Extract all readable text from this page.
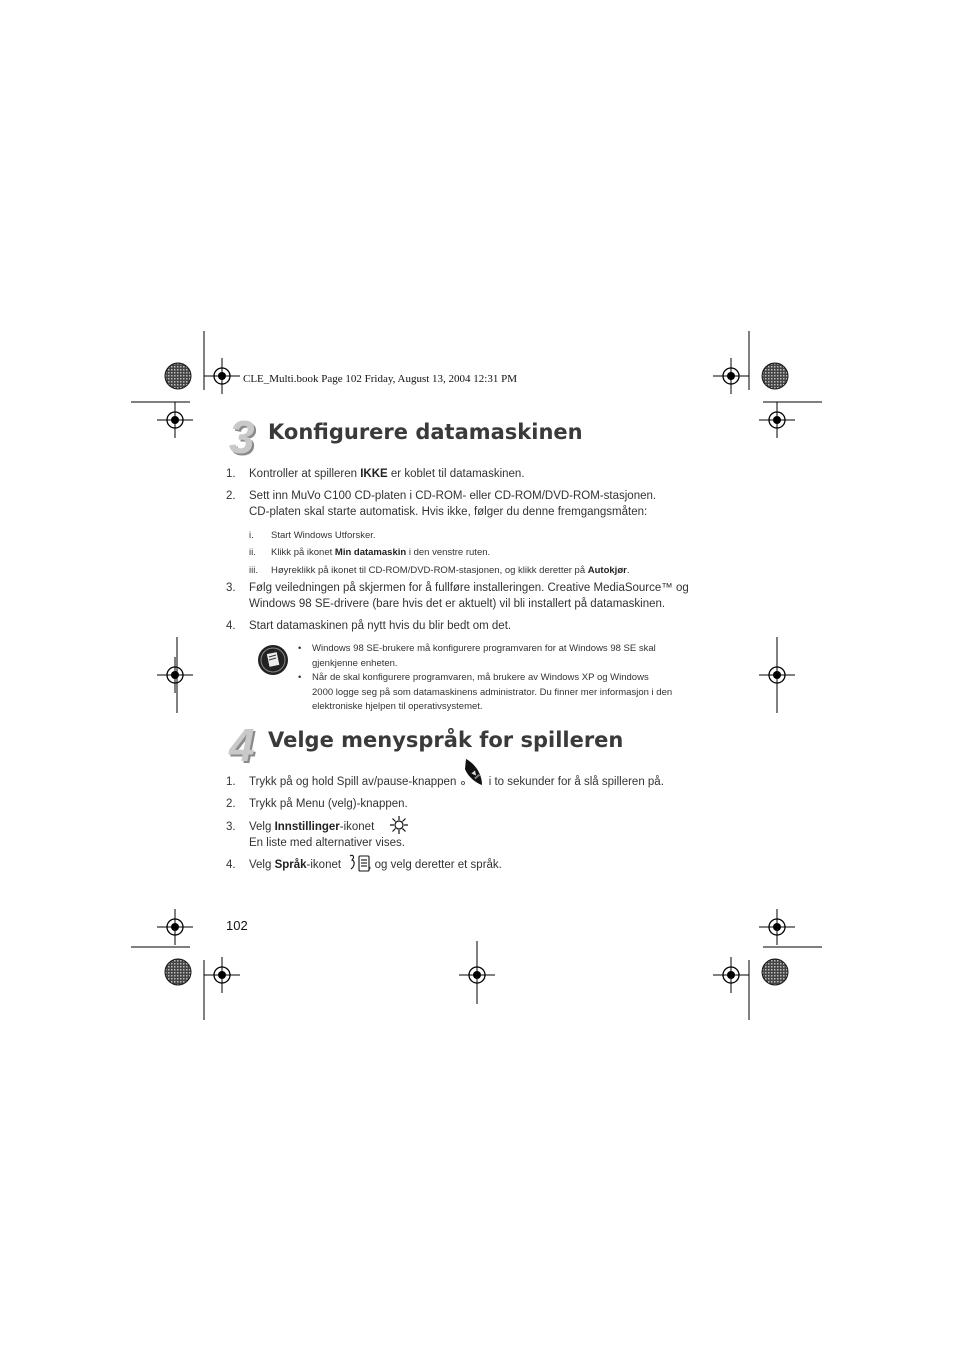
CLE_Multi.book Page 102 Friday, August 13, 2004 12:31 PM
3 Konfigurere datamaskinen
1. Kontroller at spilleren IKKE er koblet til datamaskinen.
2. Sett inn MuVo C100 CD-platen i CD-ROM- eller CD-ROM/DVD-ROM-stasjonen.
CD-platen skal starte automatisk. Hvis ikke, følger du denne fremgangsmåten:
i. Start Windows Utforsker.
ii. Klikk på ikonet Min datamaskin i den venstre ruten.
iii. Høyreklikk på ikonet til CD-ROM/DVD-ROM-stasjonen, og klikk deretter på Autokjør.
3. Følg veiledningen på skjermen for å fullføre installeringen. Creative MediaSource™ og
Windows 98 SE-drivere (bare hvis det er aktuelt) vil bli installert på datamaskinen.
4. Start datamaskinen på nytt hvis du blir bedt om det.
• Windows 98 SE-brukere må konfigurere programvaren for at Windows 98 SE skal
gjenkjenne enheten.
• Når de skal konfigurere programvaren, må brukere av Windows XP og Windows
2000 logge seg på som datamaskinens administrator. Du finner mer informasjon i den
elektroniske hjelpen til operativsystemet.
4 Velge menyspråk for spilleren
1. Trykk på og hold Spill av/pause-knappen  i to sekunder for å slå spilleren på.
▶‖
2. Trykk på Menu (velg)-knappen.
3. Velg Innstillinger-ikonet .
En liste med alternativer vises.
4. Velg Språk-ikonet , og velg deretter et språk.
102
